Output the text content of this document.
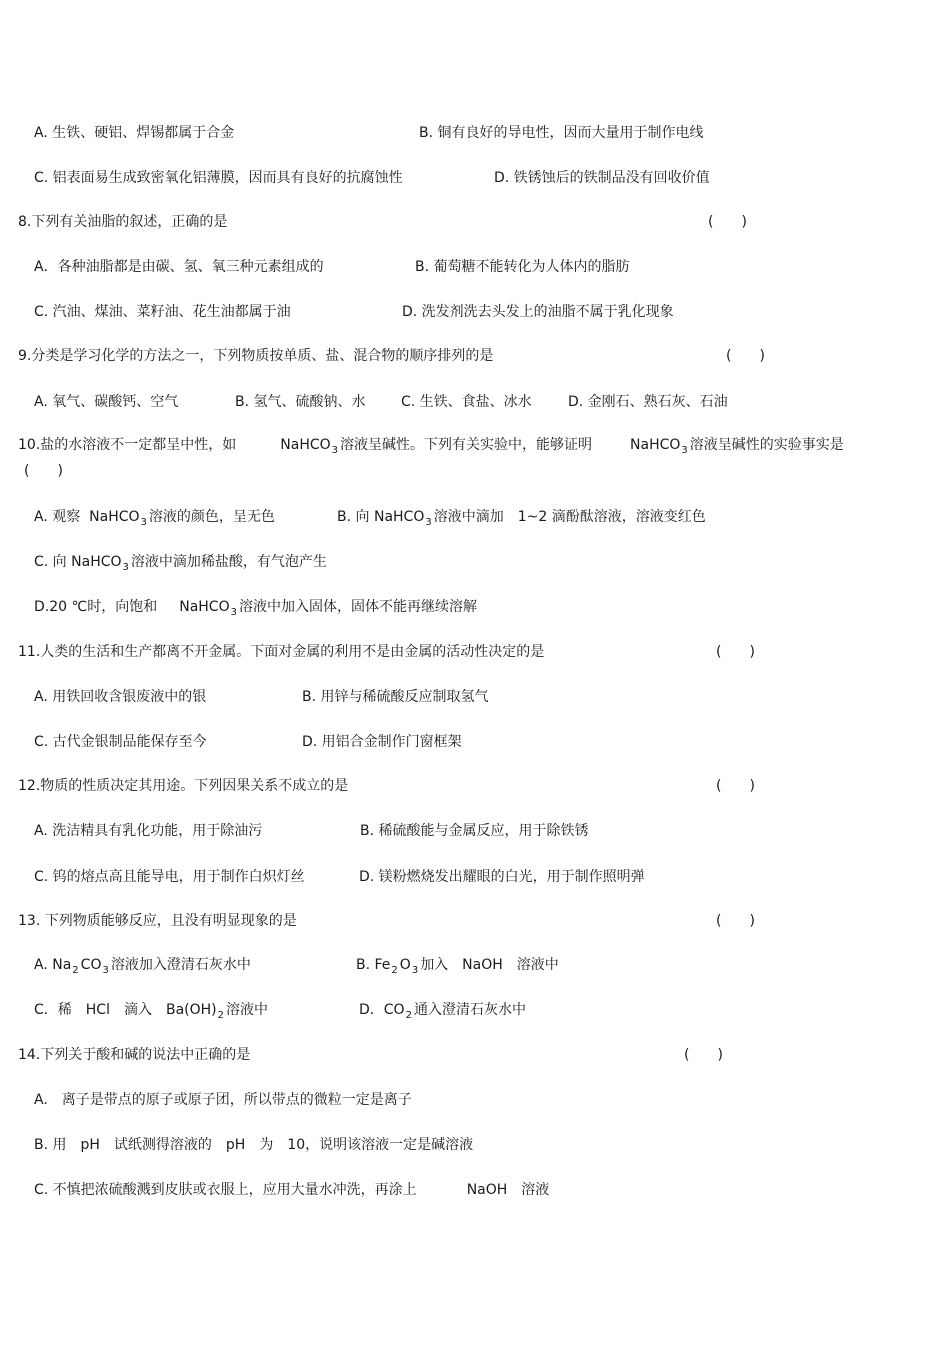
A. 生铁、硬铝、焊锡都属于合金	B. 铜有良好的导电性，因而大量用于制作电线
C. 铝表面易生成致密氧化铝薄膜，因而具有良好的抗腐蚀性	D. 铁锈蚀后的铁制品没有回收价值
8.下列有关油脂的叙述，正确的是	(　　)
A．各种油脂都是由碳、氢、氧三种元素组成的	B. 葡萄糖不能转化为人体内的脂肪
C. 汽油、煤油、菜籽油、花生油都属于油	D. 洗发剂洗去头发上的油脂不属于乳化现象
9.分类是学习化学的方法之一，下列物质按单质、盐、混合物的顺序排列的是	(　　)
A. 氧气、碳酸钙、空气	B. 氢气、硫酸钠、水	C. 生铁、食盐、冰水	D. 金刚石、熟石灰、石油
10.盐的水溶液不一定都呈中性，如	NaHCO$_3$ 溶液呈碱性。下列有关实验中，能够证明	NaHCO$_3$ 溶液呈碱性的实验事实是
(　　)
A. 观察 NaHCO$_3$ 溶液的颜色，呈无色	B. 向 NaHCO$_3$ 溶液中滴加　1~2 滴酚酞溶液，溶液变红色
C. 向 NaHCO$_3$ 溶液中滴加稀盐酸，有气泡产生
D.20 ℃时，向饱和 NaHCO$_3$ 溶液中加入固体，固体不能再继续溶解
11.人类的生活和生产都离不开金属。下面对金属的利用不是由金属的活动性决定的是	(　　)
A. 用铁回收含银废液中的银	B. 用锌与稀硫酸反应制取氢气
C. 古代金银制品能保存至今	D. 用铝合金制作门窗框架
12.物质的性质决定其用途。下列因果关系不成立的是	(　　)
A. 洗洁精具有乳化功能，用于除油污	B. 稀硫酸能与金属反应，用于除铁锈
C. 钨的熔点高且能导电，用于制作白炽灯丝	D. 镁粉燃烧发出耀眼的白光，用于制作照明弹
13. 下列物质能够反应，且没有明显现象的是	(　　)
A. $Na_2$ $CO_3$ 溶液加入澄清石灰水中	B. $Fe_2$ $O_3$ 加入　NaOH　溶液中
C．稀　HCl　滴入　$Ba(OH)_2$ 溶液中	D．$CO_2$ 通入澄清石灰水中
14.下列关于酸和碱的说法中正确的是	(　　)
A.　离子是带点的原子或原子团，所以带点的微粒一定是离子
B. 用　pH　试纸测得溶液的　pH　为　10，说明该溶液一定是碱溶液
C. 不慎把浓硫酸溅到皮肤或衣服上，应用大量水冲洗，再涂上	NaOH　溶液
